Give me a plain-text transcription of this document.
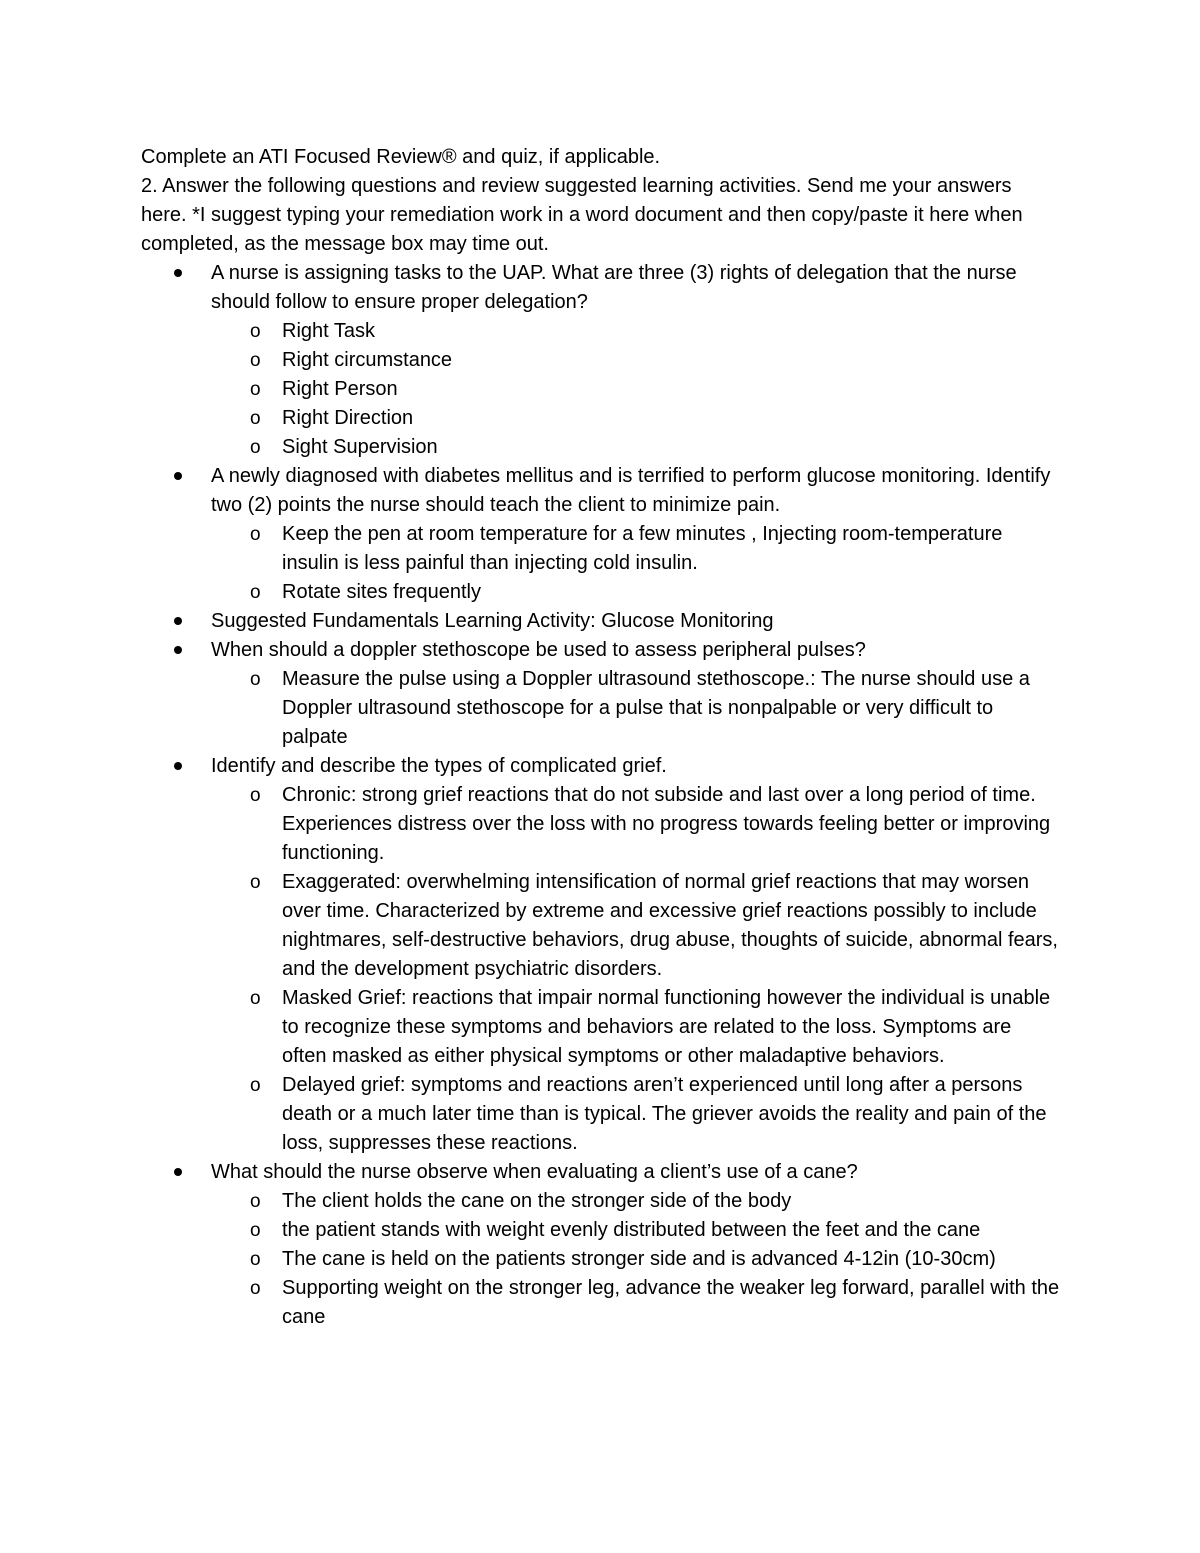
Complete an ATI Focused Review® and quiz, if applicable.

2. Answer the following questions and review suggested learning activities. Send me your answers here. *I suggest typing your remediation work in a word document and then copy/paste it here when completed, as the message box may time out.

A nurse is assigning tasks to the UAP. What are three (3) rights of delegation that the nurse should follow to ensure proper delegation?
o Right Task
o Right circumstance
o Right Person
o Right Direction
o Sight Supervision
A newly diagnosed with diabetes mellitus and is terrified to perform glucose monitoring. Identify two (2) points the nurse should teach the client to minimize pain.
o Keep the pen at room temperature for a few minutes , Injecting room-temperature insulin is less painful than injecting cold insulin.
o Rotate sites frequently
Suggested Fundamentals Learning Activity: Glucose Monitoring
When should a doppler stethoscope be used to assess peripheral pulses?
o Measure the pulse using a Doppler ultrasound stethoscope.: The nurse should use a Doppler ultrasound stethoscope for a pulse that is nonpalpable or very difficult to palpate
Identify and describe the types of complicated grief.
o Chronic: strong grief reactions that do not subside and last over a long period of time. Experiences distress over the loss with no progress towards feeling better or improving functioning.
o Exaggerated: overwhelming intensification of normal grief reactions that may worsen over time. Characterized by extreme and excessive grief reactions possibly to include nightmares, self-destructive behaviors, drug abuse, thoughts of suicide, abnormal fears, and the development psychiatric disorders.
o Masked Grief: reactions that impair normal functioning however the individual is unable to recognize these symptoms and behaviors are related to the loss. Symptoms are often masked as either physical symptoms or other maladaptive behaviors.
o Delayed grief: symptoms and reactions aren’t experienced until long after a persons death or a much later time than is typical. The griever avoids the reality and pain of the loss, suppresses these reactions.
What should the nurse observe when evaluating a client’s use of a cane?
o The client holds the cane on the stronger side of the body
o the patient stands with weight evenly distributed between the feet and the cane
o The cane is held on the patients stronger side and is advanced 4-12in (10-30cm)
o Supporting weight on the stronger leg, advance the weaker leg forward, parallel with the cane
